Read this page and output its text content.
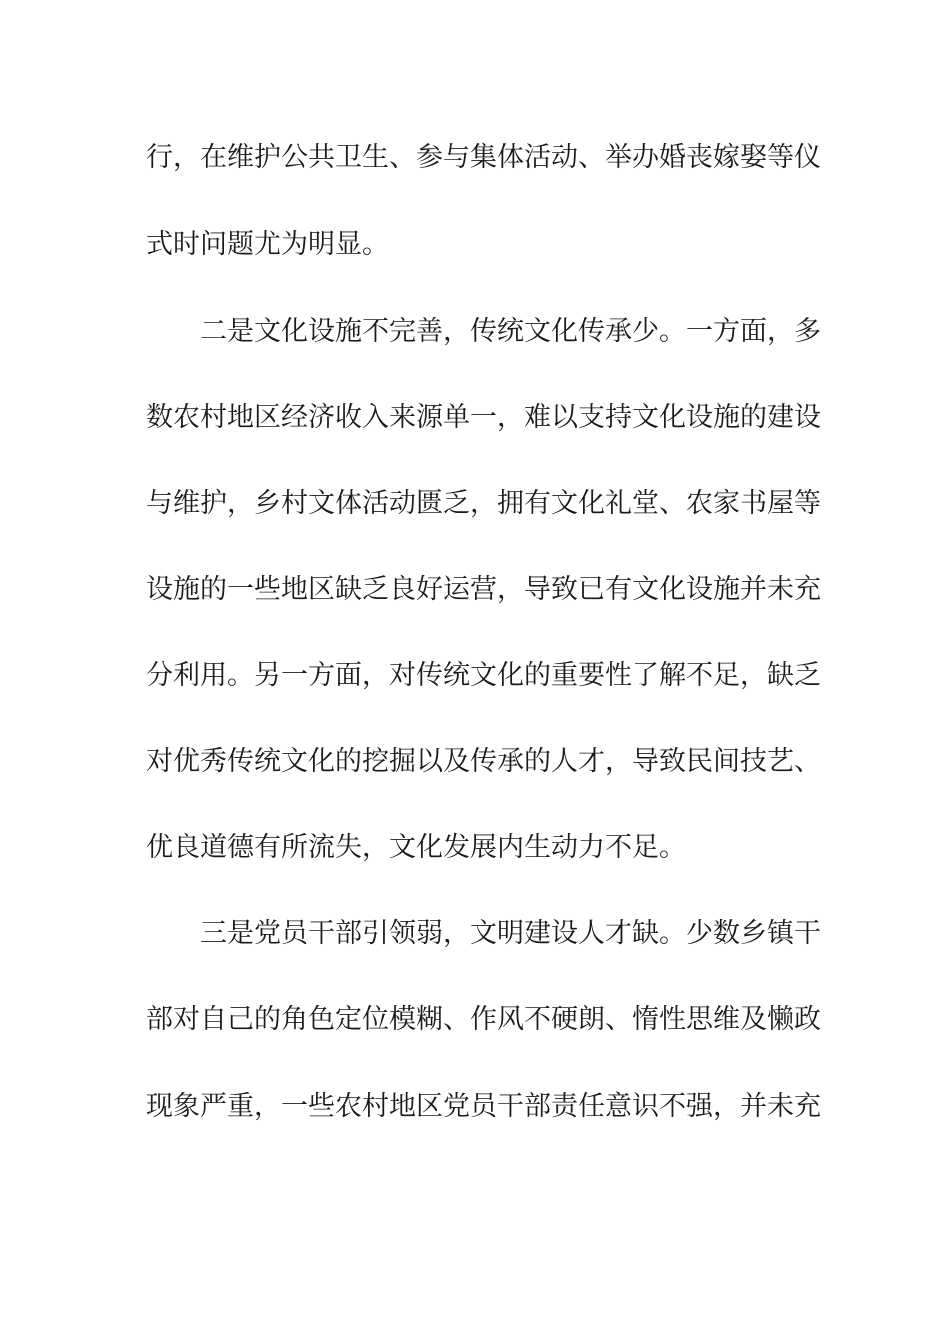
行，在维护公共卫生、参与集体活动、举办婚丧嫁娶等仪
式时问题尤为明显。
二是文化设施不完善，传统文化传承少。一方面，多
数农村地区经济收入来源单一，难以支持文化设施的建设
与维护，乡村文体活动匮乏，拥有文化礼堂、农家书屋等
设施的一些地区缺乏良好运营，导致已有文化设施并未充
分利用。另一方面，对传统文化的重要性了解不足，缺乏
对优秀传统文化的挖掘以及传承的人才，导致民间技艺、
优良道德有所流失，文化发展内生动力不足。
三是党员干部引领弱，文明建设人才缺。少数乡镇干
部对自己的角色定位模糊、作风不硬朗、惰性思维及懒政
现象严重，一些农村地区党员干部责任意识不强，并未充
